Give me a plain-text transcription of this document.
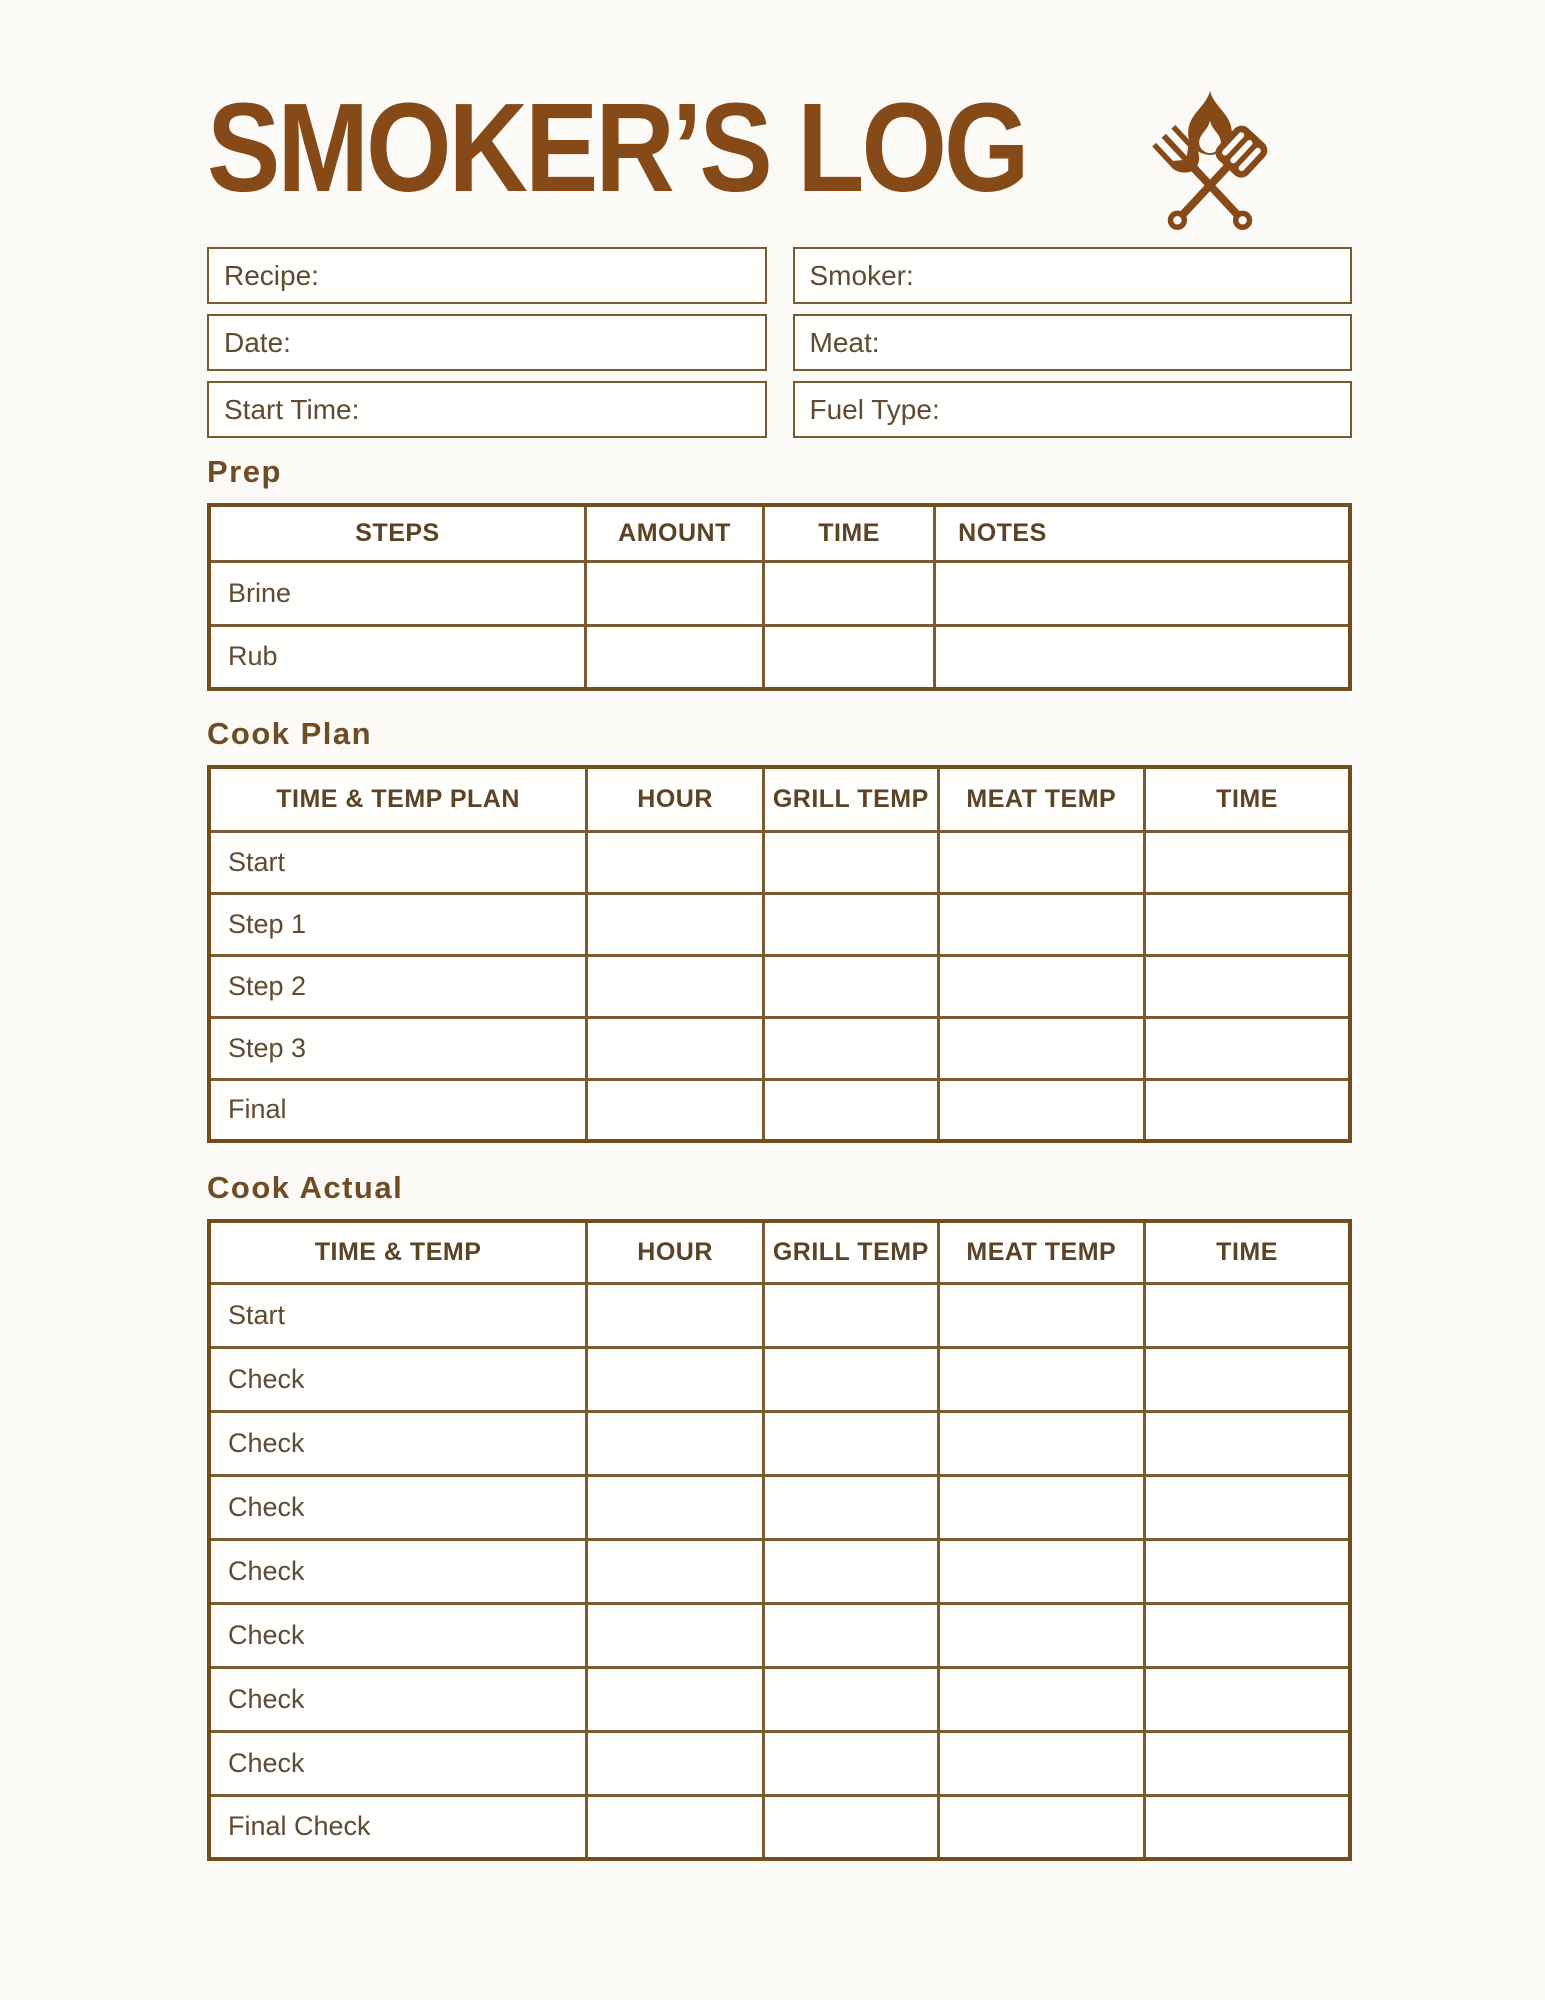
SMOKER’S LOG
Recipe:	Smoker:
Date:	Meat:
Start Time:	Fuel Type:
Prep
STEPS	AMOUNT	TIME	NOTES
Brine			
Rub			
Cook Plan
TIME & TEMP PLAN	HOUR	GRILL TEMP	MEAT TEMP	TIME
Start				
Step 1				
Step 2				
Step 3				
Final				
Cook Actual
TIME & TEMP	HOUR	GRILL TEMP	MEAT TEMP	TIME
Start				
Check				
Check				
Check				
Check				
Check				
Check				
Check				
Final Check				
